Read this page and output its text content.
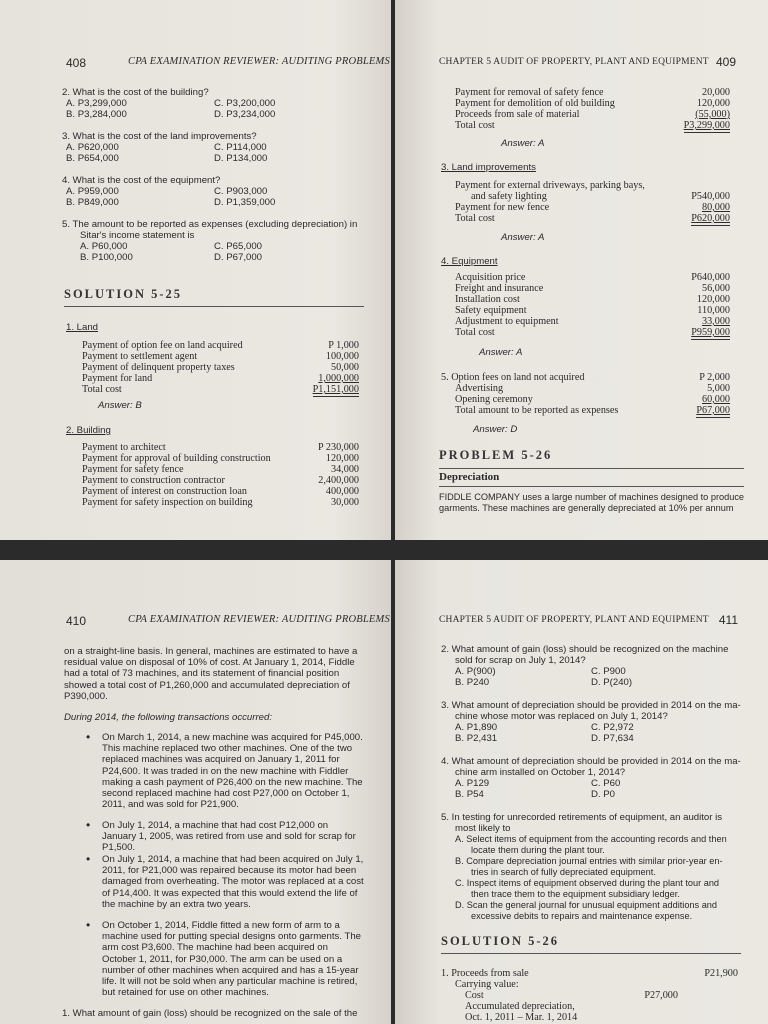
408	CPA EXAMINATION REVIEWER: AUDITING PROBLEMS
2. What is the cost of the building?
A. P3,299,000
B. P3,284,000
C. P3,200,000
D. P3,234,000
3. What is the cost of the land improvements?
A. P620,000
B. P654,000
C. P114,000
D. P134,000
4. What is the cost of the equipment?
A. P959,000
B. P849,000
C. P903,000
D. P1,359,000
5. The amount to be reported as expenses (excluding depreciation) in
Sitar's income statement is
A. P60,000
B. P100,000
C. P65,000
D. P67,000
SOLUTION 5-25
1. Land
Payment of option fee on land acquired	P 1,000
Payment to settlement agent	100,000
Payment of delinquent property taxes	50,000
Payment for land	1,000,000
Total cost	P1,151,000
Answer: B
2. Building
Payment to architect	P 230,000
Payment for approval of building construction	120,000
Payment for safety fence	34,000
Payment to construction contractor	2,400,000
Payment of interest on construction loan	400,000
Payment for safety inspection on building	30,000
CHAPTER 5 AUDIT OF PROPERTY, PLANT AND EQUIPMENT 409
Payment for removal of safety fence	20,000
Payment for demolition of old building	120,000
Proceeds from sale of material	(55,000)
Total cost	P3,299,000
Answer: A
3. Land improvements
Payment for external driveways, parking bays,
and safety lighting	P540,000
Payment for new fence	80,000
Total cost	P620,000
Answer: A
4. Equipment
Acquisition price	P640,000
Freight and insurance	56,000
Installation cost	120,000
Safety equipment	110,000
Adjustment to equipment	33,000
Total cost	P959,000
Answer: A
5. Option fees on land not acquired	P 2,000
Advertising	5,000
Opening ceremony	60,000
Total amount to be reported as expenses	P67,000
Answer: D
PROBLEM 5-26
Depreciation
FIDDLE COMPANY uses a large number of machines designed to produce
garments. These machines are generally depreciated at 10% per annum
410	CPA EXAMINATION REVIEWER: AUDITING PROBLEMS
on a straight-line basis. In general, machines are estimated to have a residual value on disposal of 10% of cost. At January 1, 2014, Fiddle had a total of 73 machines, and its statement of financial position showed a total cost of P1,260,000 and accumulated depreciation of P390,000.
During 2014, the following transactions occurred:
• On March 1, 2014, a new machine was acquired for P45,000. This machine replaced two other machines. One of the two replaced machines was acquired on January 1, 2011 for P24,600. It was traded in on the new machine with Fiddler making a cash payment of P26,400 on the new machine. The second replaced machine had cost P27,000 on October 1, 2011, and was sold for P21,900.
• On July 1, 2014, a machine that had cost P12,000 on January 1, 2005, was retired from use and sold for scrap for P1,500.
• On July 1, 2014, a machine that had been acquired on July 1, 2011, for P21,000 was repaired because its motor had been damaged from overheating. The motor was replaced at a cost of P14,400. It was expected that this would extend the life of the machine by an extra two years.
• On October 1, 2014, Fiddle fitted a new form of arm to a machine used for putting special designs onto garments. The arm cost P3,600. The machine had been acquired on October 1, 2011, for P30,000. The arm can be used on a number of other machines when acquired and has a 15-year life. It will not be sold when any particular machine is retired, but retained for use on other machines.
1. What amount of gain (loss) should be recognized on the sale of the
CHAPTER 5 AUDIT OF PROPERTY, PLANT AND EQUIPMENT 411
2. What amount of gain (loss) should be recognized on the machine
sold for scrap on July 1, 2014?
A. P(900)
B. P240
C. P900
D. P(240)
3. What amount of depreciation should be provided in 2014 on the ma-
chine whose motor was replaced on July 1, 2014?
A. P1,890
B. P2,431
C. P2,972
D. P7,634
4. What amount of depreciation should be provided in 2014 on the ma-
chine arm installed on October 1, 2014?
A. P129
B. P54
C. P60
D. P0
5. In testing for unrecorded retirements of equipment, an auditor is
most likely to
A. Select items of equipment from the accounting records and then
locate them during the plant tour.
B. Compare depreciation journal entries with similar prior-year en-
tries in search of fully depreciated equipment.
C. Inspect items of equipment observed during the plant tour and
then trace them to the equipment subsidiary ledger.
D. Scan the general journal for unusual equipment additions and
excessive debits to repairs and maintenance expense.
SOLUTION 5-26
1. Proceeds from sale	P21,900
Carrying value:
Cost	P27,000
Accumulated depreciation,
Oct. 1, 2011 – Mar. 1, 2014
